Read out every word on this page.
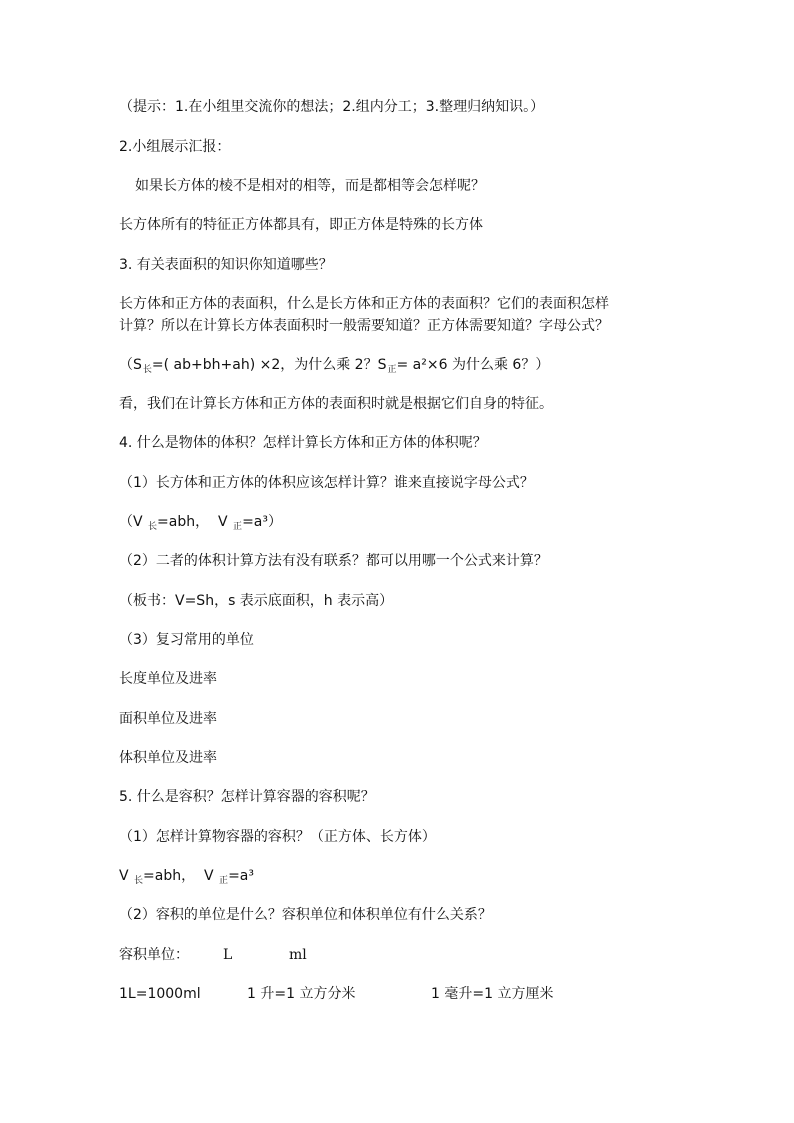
（提示：1.在小组里交流你的想法；2.组内分工；3.整理归纳知识。）
2.小组展示汇报：
如果长方体的棱不是相对的相等，而是都相等会怎样呢？
长方体所有的特征正方体都具有，即正方体是特殊的长方体
3. 有关表面积的知识你知道哪些？
长方体和正方体的表面积，什么是长方体和正方体的表面积？它们的表面积怎样
计算？所以在计算长方体表面积时一般需要知道？正方体需要知道？字母公式？
（$S_长=$( ab+bh+ah) ×2，为什么乘 2？$S_正= a^2\times 6$ 为什么乘 6？）
看，我们在计算长方体和正方体的表面积时就是根据它们自身的特征。
4. 什么是物体的体积？怎样计算长方体和正方体的体积呢？
（1）长方体和正方体的体积应该怎样计算？谁来直接说字母公式？
（V $_长$=abh，  V $_正$=a³）
（2）二者的体积计算方法有没有联系？都可以用哪一个公式来计算？
（板书：V=Sh，s 表示底面积，h 表示高）
（3）复习常用的单位
长度单位及进率
面积单位及进率
体积单位及进率
5. 什么是容积？怎样计算容器的容积呢？
（1）怎样计算物容器的容积？（正方体、长方体）
V $_长$=abh，  V $_正$=a³
（2）容积的单位是什么？容积单位和体积单位有什么关系？
容积单位： L	ml
1L=1000ml	1 升=1 立方分米	1 毫升=1 立方厘米
